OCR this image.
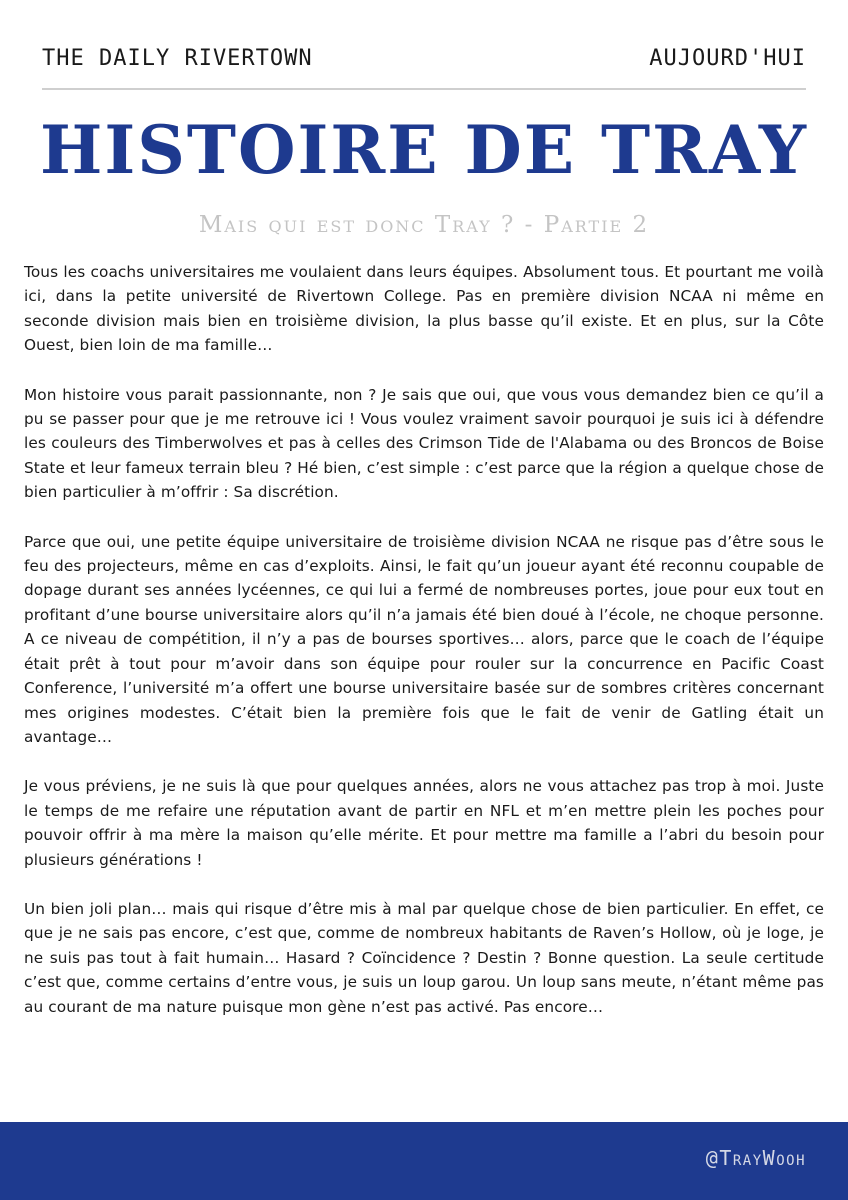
THE DAILY RIVERTOWN	AUJOURD'HUI
HISTOIRE DE TRAY
Mais qui est donc Tray ? - Partie 2

Tous les coachs universitaires me voulaient dans leurs équipes. Absolument tous. Et pourtant me voilà ici, dans la petite université de Rivertown College. Pas en première division NCAA ni même en seconde division mais bien en troisième division, la plus basse qu’il existe. Et en plus, sur la Côte Ouest, bien loin de ma famille…

Mon histoire vous parait passionnante, non ? Je sais que oui, que vous vous demandez bien ce qu’il a pu se passer pour que je me retrouve ici ! Vous voulez vraiment savoir pourquoi je suis ici à défendre les couleurs des Timberwolves et pas à celles des Crimson Tide de l'Alabama ou des Broncos de Boise State et leur fameux terrain bleu ? Hé bien, c’est simple : c’est parce que la région a quelque chose de bien particulier à m’offrir : Sa discrétion.

Parce que oui, une petite équipe universitaire de troisième division NCAA ne risque pas d’être sous le feu des projecteurs, même en cas d’exploits. Ainsi, le fait qu’un joueur ayant été reconnu coupable de dopage durant ses années lycéennes, ce qui lui a fermé de nombreuses portes, joue pour eux tout en profitant d’une bourse universitaire alors qu’il n’a jamais été bien doué à l’école, ne choque personne. A ce niveau de compétition, il n’y a pas de bourses sportives… alors, parce que le coach de l’équipe était prêt à tout pour m’avoir dans son équipe pour rouler sur la concurrence en Pacific Coast Conference, l’université m’a offert une bourse universitaire basée sur de sombres critères concernant mes origines modestes. C’était bien la première fois que le fait de venir de Gatling était un avantage…

Je vous préviens, je ne suis là que pour quelques années, alors ne vous attachez pas trop à moi. Juste le temps de me refaire une réputation avant de partir en NFL et m’en mettre plein les poches pour pouvoir offrir à ma mère la maison qu’elle mérite. Et pour mettre ma famille a l’abri du besoin pour plusieurs générations !

Un bien joli plan… mais qui risque d’être mis à mal par quelque chose de bien particulier. En effet, ce que je ne sais pas encore, c’est que, comme de nombreux habitants de Raven’s Hollow, où je loge, je ne suis pas tout à fait humain… Hasard ? Coïncidence ? Destin ? Bonne question. La seule certitude c’est que, comme certains d’entre vous, je suis un loup garou. Un loup sans meute, n’étant même pas au courant de ma nature puisque mon gène n’est pas activé. Pas encore…

@TrayWooh
